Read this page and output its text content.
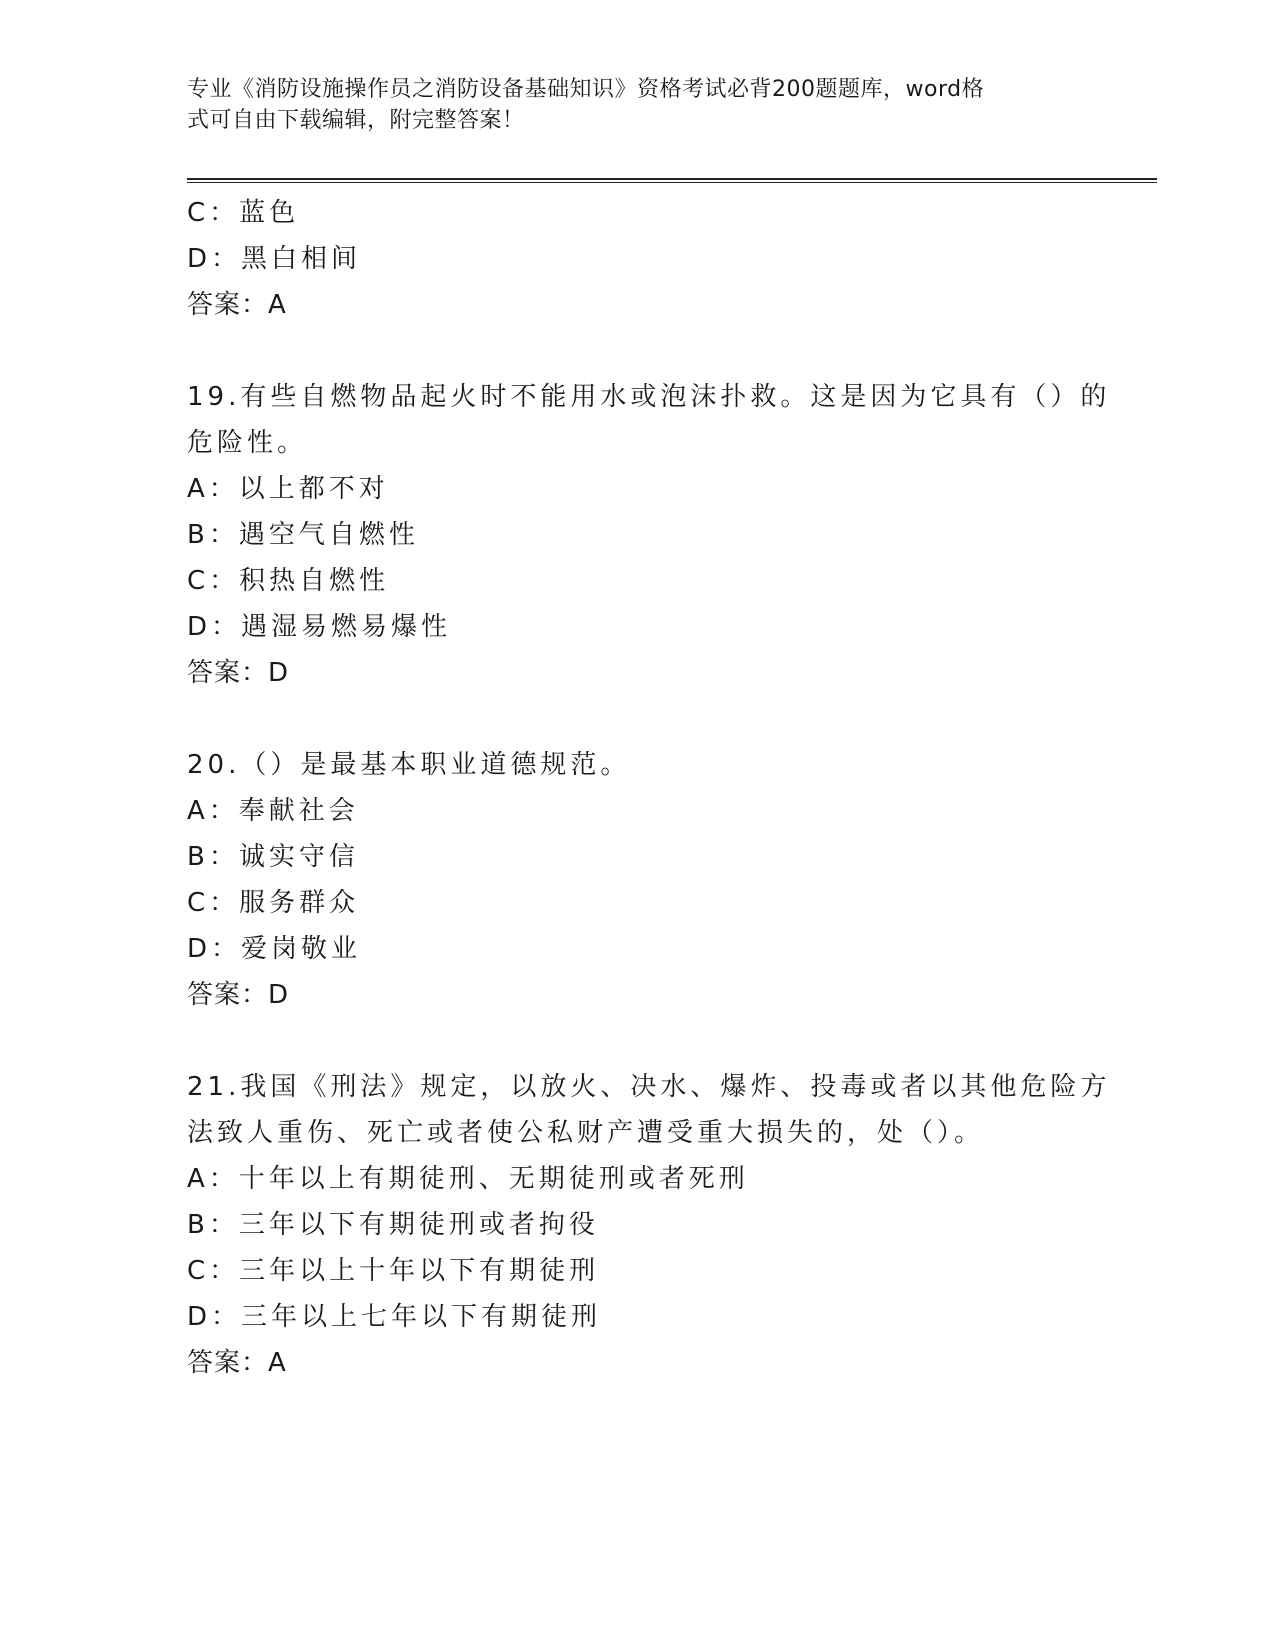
专业《消防设施操作员之消防设备基础知识》资格考试必背200题题库，word格
式可自由下载编辑，附完整答案！
C：蓝色
D：黑白相间
答案：A
19.有些自燃物品起火时不能用水或泡沫扑救。这是因为它具有（）的
危险性。
A：以上都不对
B：遇空气自燃性
C：积热自燃性
D：遇湿易燃易爆性
答案：D
20.（）是最基本职业道德规范。
A：奉献社会
B：诚实守信
C：服务群众
D：爱岗敬业
答案：D
21.我国《刑法》规定，以放火、决水、爆炸、投毒或者以其他危险方
法致人重伤、死亡或者使公私财产遭受重大损失的，处（）。
A：十年以上有期徒刑、无期徒刑或者死刑
B：三年以下有期徒刑或者拘役
C：三年以上十年以下有期徒刑
D：三年以上七年以下有期徒刑
答案：A
